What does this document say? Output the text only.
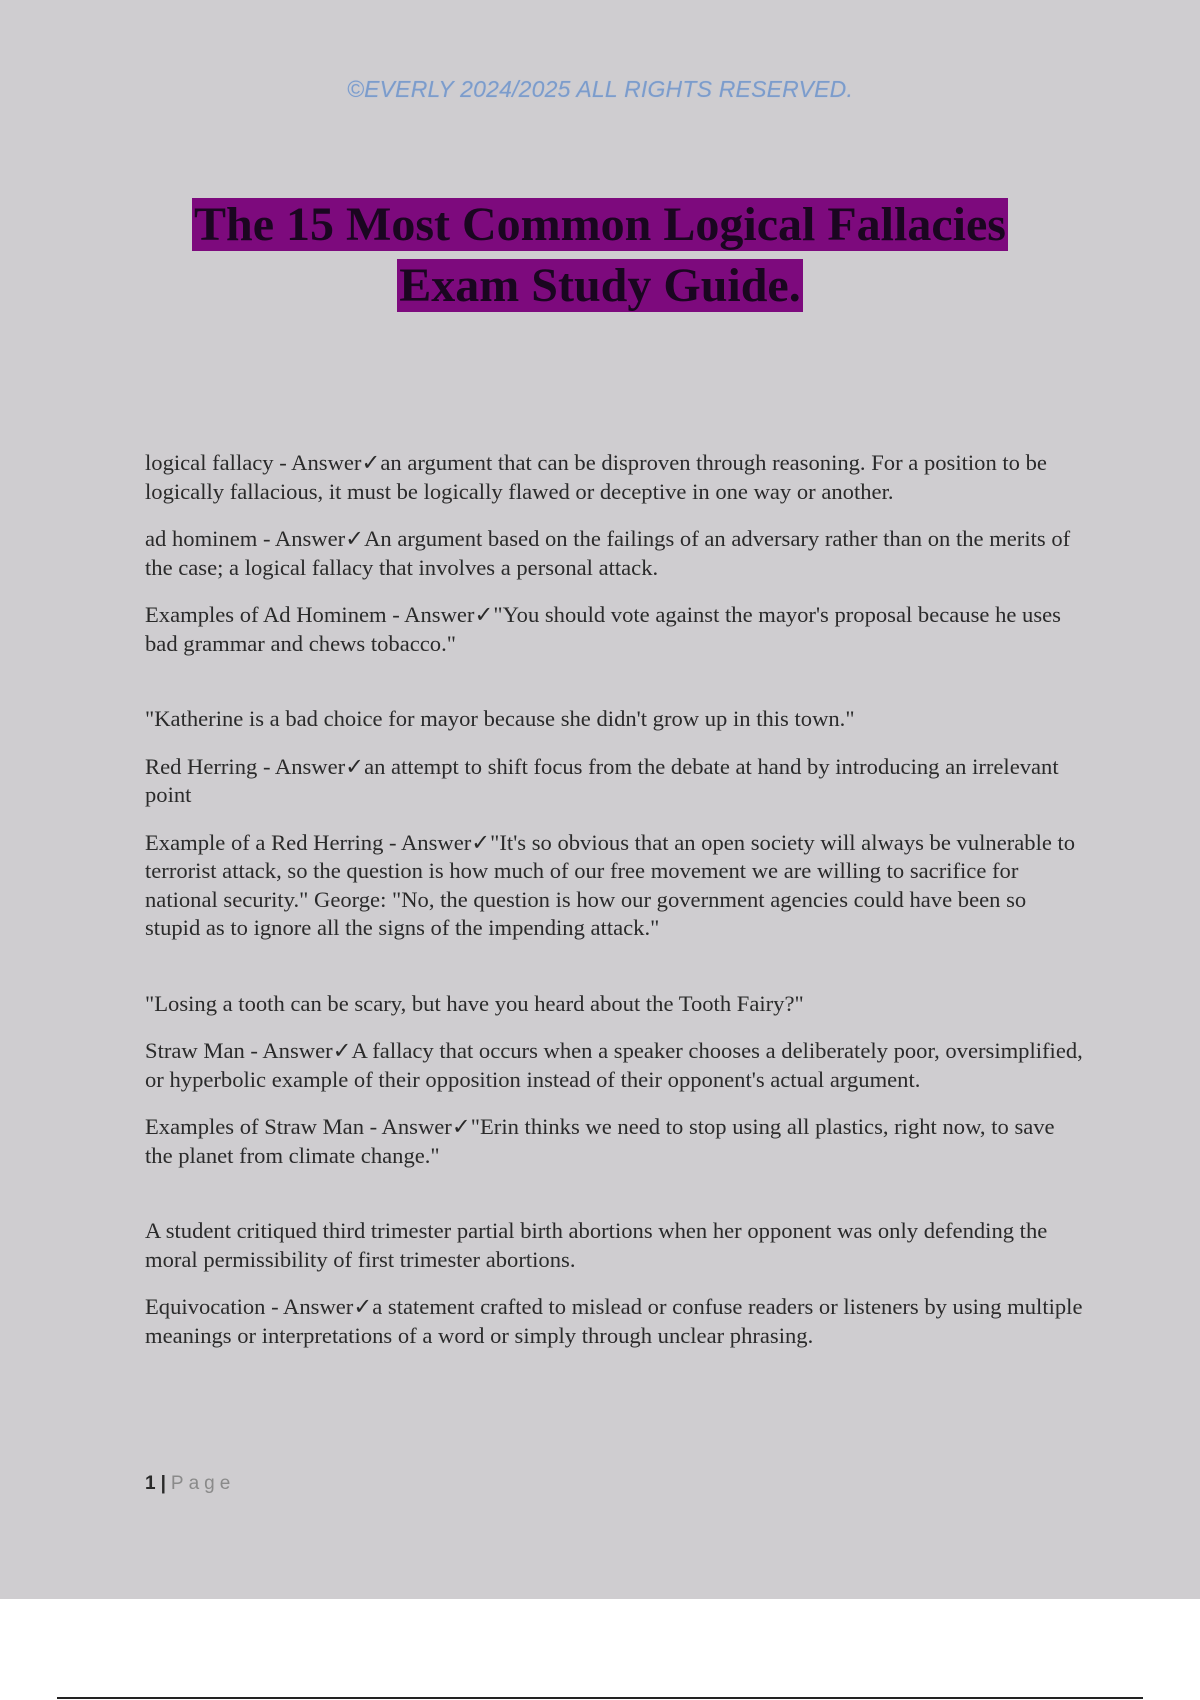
©EVERLY 2024/2025 ALL RIGHTS RESERVED.
The 15 Most Common Logical Fallacies
Exam Study Guide.

logical fallacy - Answer✓an argument that can be disproven through reasoning. For a position to be logically fallacious, it must be logically flawed or deceptive in one way or another.

ad hominem - Answer✓An argument based on the failings of an adversary rather than on the merits of the case; a logical fallacy that involves a personal attack.

Examples of Ad Hominem - Answer✓"You should vote against the mayor's proposal because he uses bad grammar and chews tobacco."

"Katherine is a bad choice for mayor because she didn't grow up in this town."

Red Herring - Answer✓an attempt to shift focus from the debate at hand by introducing an irrelevant point

Example of a Red Herring - Answer✓"It's so obvious that an open society will always be vulnerable to terrorist attack, so the question is how much of our free movement we are willing to sacrifice for national security." George: "No, the question is how our government agencies could have been so stupid as to ignore all the signs of the impending attack."

"Losing a tooth can be scary, but have you heard about the Tooth Fairy?"

Straw Man - Answer✓A fallacy that occurs when a speaker chooses a deliberately poor, oversimplified, or hyperbolic example of their opposition instead of their opponent's actual argument.

Examples of Straw Man - Answer✓"Erin thinks we need to stop using all plastics, right now, to save the planet from climate change."

A student critiqued third trimester partial birth abortions when her opponent was only defending the moral permissibility of first trimester abortions.

Equivocation - Answer✓a statement crafted to mislead or confuse readers or listeners by using multiple meanings or interpretations of a word or simply through unclear phrasing.

1 | Page
